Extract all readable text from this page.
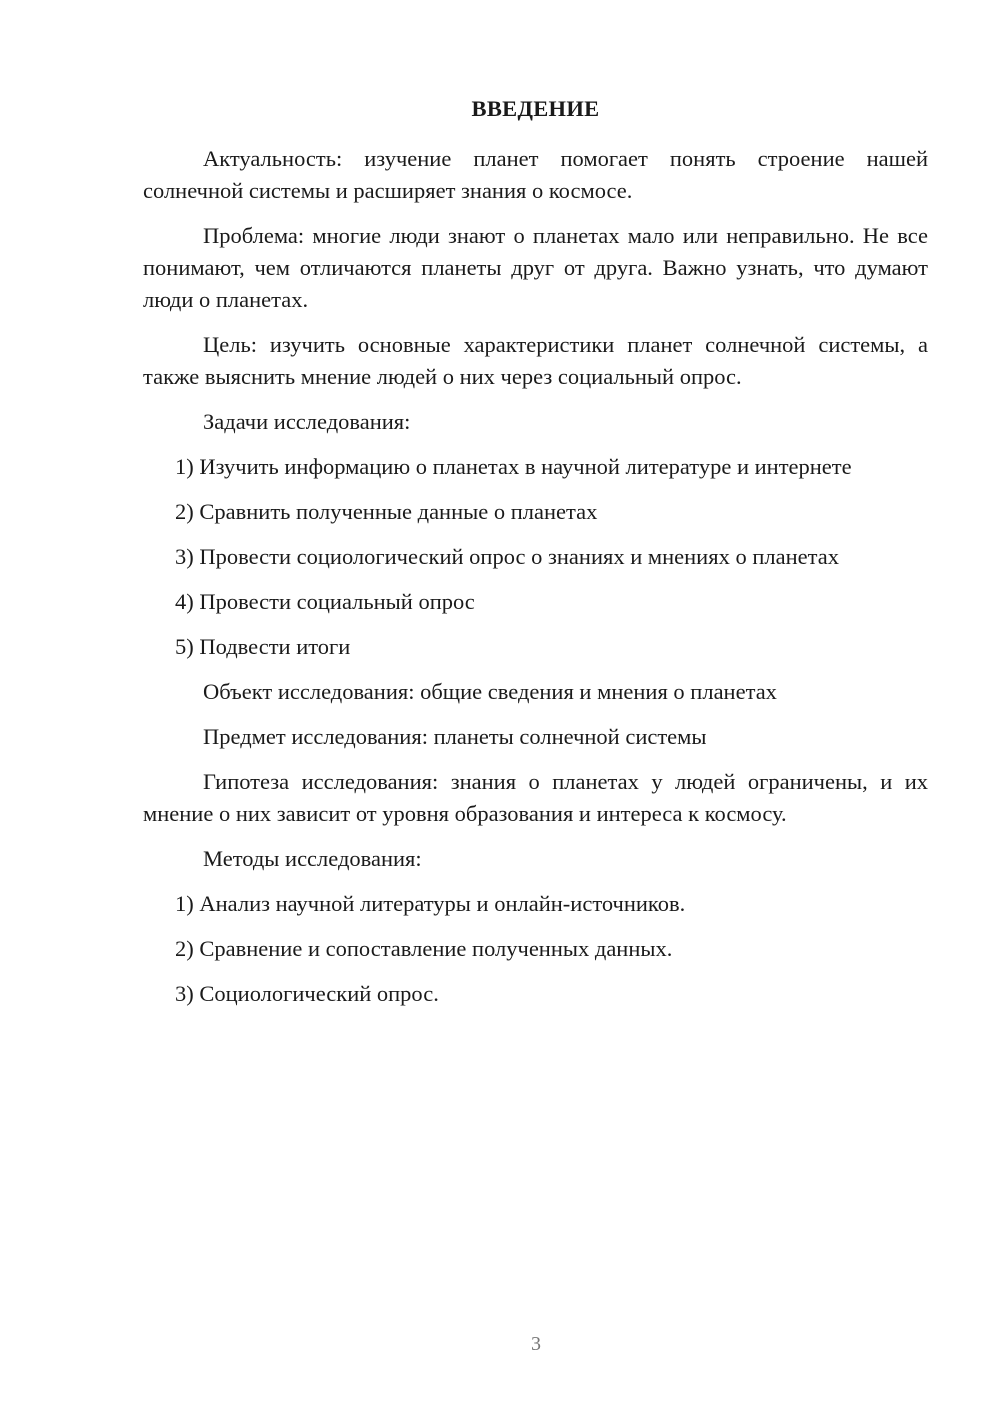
ВВЕДЕНИЕ

Актуальность: изучение планет помогает понять строение нашей солнечной системы и расширяет знания о космосе.

Проблема: многие люди знают о планетах мало или неправильно. Не все понимают, чем отличаются планеты друг от друга. Важно узнать, что думают люди о планетах.

Цель: изучить основные характеристики планет солнечной системы, а также выяснить мнение людей о них через социальный опрос.

Задачи исследования:
1) Изучить информацию о планетах в научной литературе и интернете
2) Сравнить полученные данные о планетах
3) Провести социологический опрос о знаниях и мнениях о планетах
4) Провести социальный опрос
5) Подвести итоги
Объект исследования: общие сведения и мнения о планетах
Предмет исследования: планеты солнечной системы

Гипотеза исследования: знания о планетах у людей ограничены, и их мнение о них зависит от уровня образования и интереса к космосу.

Методы исследования:
1) Анализ научной литературы и онлайн-источников.
2) Сравнение и сопоставление полученных данных.
3) Социологический опрос.
3
